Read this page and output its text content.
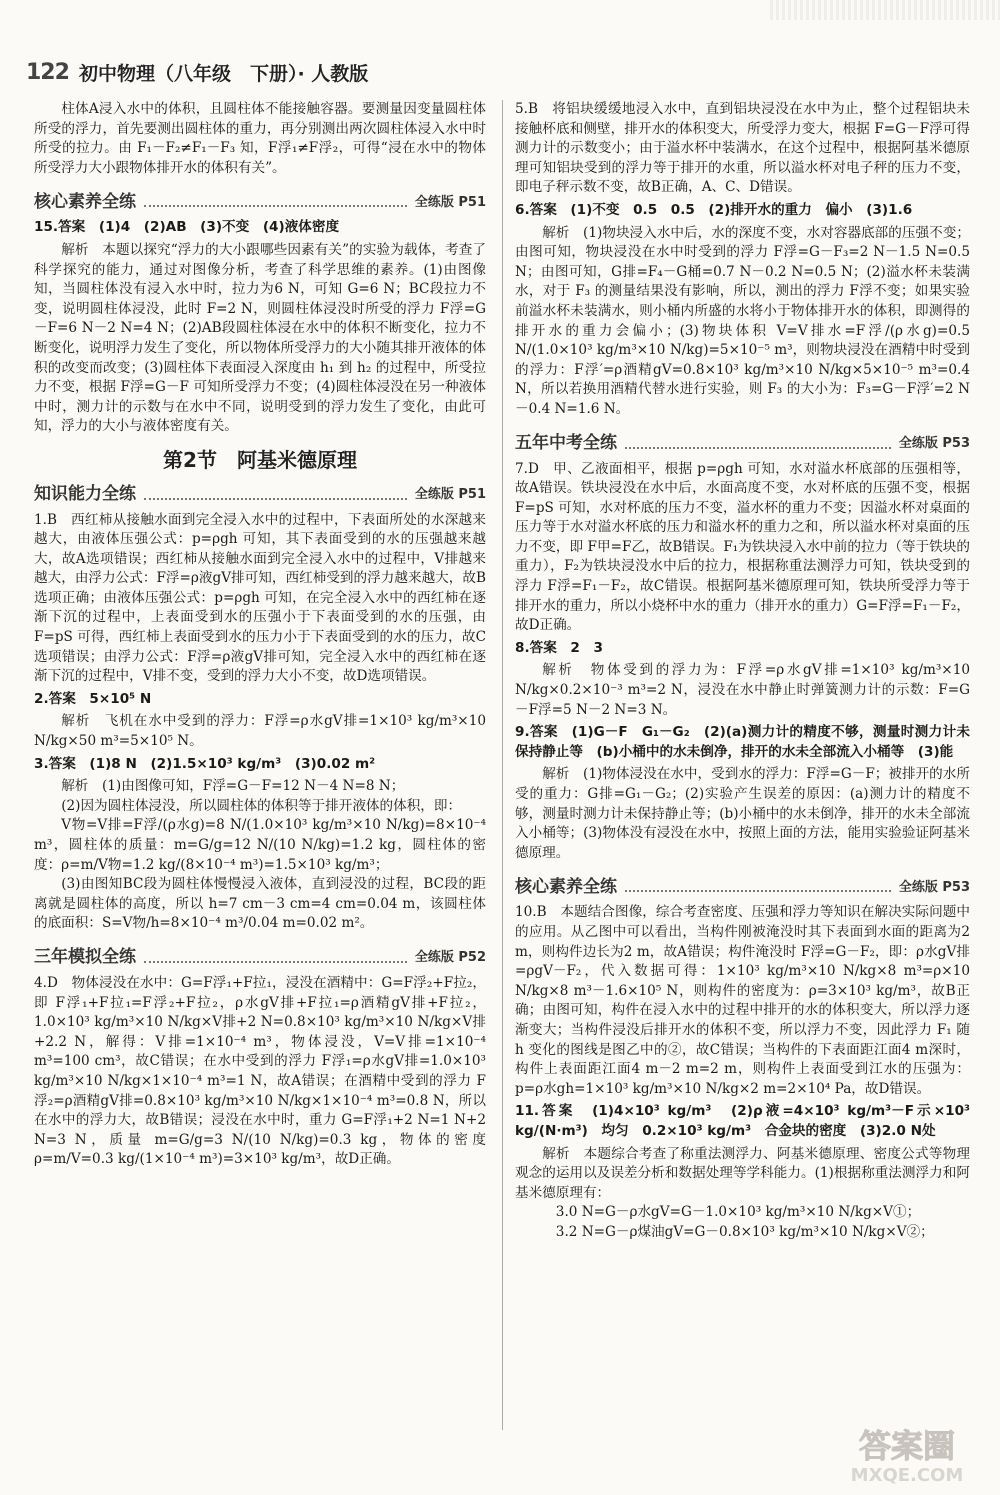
122 初中物理（八年级　下册）· 人教版

柱体A浸入水中的体积，且圆柱体不能接触容器。要测量因变量圆柱体所受的浮力，首先要测出圆柱体的重力，再分别测出两次圆柱体浸入水中时所受的拉力。由 F₁－F₂≠F₁－F₃ 知，F浮₁≠F浮₂，可得“浸在水中的物体所受浮力大小跟物体排开水的体积有关”。

核心素养全练	全练版 P51

15.答案　(1)4　(2)AB　(3)不变　(4)液体密度

解析　本题以探究“浮力的大小跟哪些因素有关”的实验为载体，考查了科学探究的能力，通过对图像分析，考查了科学思维的素养。(1)由图像知，当圆柱体没有浸入水中时，拉力为6 N，可知 G=6 N；BC段拉力不变，说明圆柱体浸没，此时 F=2 N，则圆柱体浸没时所受的浮力 F浮=G－F=6 N－2 N=4 N；(2)AB段圆柱体浸在水中的体积不断变化，拉力不断变化，说明浮力发生了变化，所以物体所受浮力的大小随其排开液体的体积的改变而改变；(3)圆柱体下表面浸入深度由 h₁ 到 h₂ 的过程中，所受拉力不变，根据 F浮=G－F 可知所受浮力不变；(4)圆柱体浸没在另一种液体中时，测力计的示数与在水中不同，说明受到的浮力发生了变化，由此可知，浮力的大小与液体密度有关。

第2节　阿基米德原理
知识能力全练	全练版 P51

1.B　西红柿从接触水面到完全浸入水中的过程中，下表面所处的水深越来越大，由液体压强公式：p=ρgh 可知，其下表面受到的水的压强越来越大，故A选项错误；西红柿从接触水面到完全浸入水中的过程中，V排越来越大，由浮力公式：F浮=ρ液gV排可知，西红柿受到的浮力越来越大，故B选项正确；由液体压强公式：p=ρgh 可知，在完全浸入水中的西红柿在逐渐下沉的过程中，上表面受到水的压强小于下表面受到的水的压强，由 F=pS 可得，西红柿上表面受到水的压力小于下表面受到的水的压力，故C选项错误；由浮力公式：F浮=ρ液gV排可知，完全浸入水中的西红柿在逐渐下沉的过程中，V排不变，受到的浮力大小不变，故D选项错误。

2.答案　5×10⁵ N

解析　飞机在水中受到的浮力：F浮=ρ水gV排=1×10³ kg/m³×10 N/kg×50 m³=5×10⁵ N。

3.答案　(1)8 N　(2)1.5×10³ kg/m³　(3)0.02 m²

解析　(1)由图像可知，F浮=G－F=12 N－4 N=8 N；

(2)因为圆柱体浸没，所以圆柱体的体积等于排开液体的体积，即：

V物=V排=F浮/(ρ水g)=8 N/(1.0×10³ kg/m³×10 N/kg)=8×10⁻⁴ m³，圆柱体的质量：m=G/g=12 N/(10 N/kg)=1.2 kg，圆柱体的密度：ρ=m/V物=1.2 kg/(8×10⁻⁴ m³)=1.5×10³ kg/m³；

(3)由图知BC段为圆柱体慢慢浸入液体，直到浸没的过程，BC段的距离就是圆柱体的高度，所以 h=7 cm－3 cm=4 cm=0.04 m，该圆柱体的底面积：S=V物/h=8×10⁻⁴ m³/0.04 m=0.02 m²。

三年模拟全练	全练版 P52

4.D　物体浸没在水中：G=F浮₁+F拉₁，浸没在酒精中：G=F浮₂+F拉₂，即 F浮₁+F拉₁=F浮₂+F拉₂，ρ水gV排+F拉₁=ρ酒精gV排+F拉₂，1.0×10³ kg/m³×10 N/kg×V排+2 N=0.8×10³ kg/m³×10 N/kg×V排+2.2 N，解得：V排=1×10⁻⁴ m³，物体浸没，V=V排=1×10⁻⁴ m³=100 cm³，故C错误；在水中受到的浮力 F浮₁=ρ水gV排=1.0×10³ kg/m³×10 N/kg×1×10⁻⁴ m³=1 N，故A错误；在酒精中受到的浮力 F浮₂=ρ酒精gV排=0.8×10³ kg/m³×10 N/kg×1×10⁻⁴ m³=0.8 N，所以在水中的浮力大，故B错误；浸没在水中时，重力 G=F浮₁+2 N=1 N+2 N=3 N，质量 m=G/g=3 N/(10 N/kg)=0.3 kg，物体的密度 ρ=m/V=0.3 kg/(1×10⁻⁴ m³)=3×10³ kg/m³，故D正确。

5.B　将铝块缓缓地浸入水中，直到铝块浸没在水中为止，整个过程铝块未接触杯底和侧壁，排开水的体积变大，所受浮力变大，根据 F=G－F浮可得测力计的示数变小；由于溢水杯中装满水，在这个过程中，根据阿基米德原理可知铝块受到的浮力等于排开的水重，所以溢水杯对电子秤的压力不变，即电子秤示数不变，故B正确，A、C、D错误。

6.答案　(1)不变　0.5　0.5　(2)排开水的重力　偏小　(3)1.6

解析　(1)物块浸入水中后，水的深度不变，水对容器底部的压强不变；由图可知，物块浸没在水中时受到的浮力 F浮=G－F₃=2 N－1.5 N=0.5 N；由图可知，G排=F₄－G桶=0.7 N－0.2 N=0.5 N；(2)溢水杯未装满水，对于 F₃ 的测量结果没有影响，所以，测出的浮力 F浮不变；如果实验前溢水杯未装满水，则小桶内所盛的水将小于物体排开水的体积，即测得的排开水的重力会偏小；(3)物块体积 V=V排水=F浮/(ρ水g)=0.5 N/(1.0×10³ kg/m³×10 N/kg)=5×10⁻⁵ m³，则物块浸没在酒精中时受到的浮力：F浮′=ρ酒精gV=0.8×10³ kg/m³×10 N/kg×5×10⁻⁵ m³=0.4 N，所以若换用酒精代替水进行实验，则 F₃ 的大小为：F₃=G－F浮′=2 N－0.4 N=1.6 N。

五年中考全练	全练版 P53

7.D　甲、乙液面相平，根据 p=ρgh 可知，水对溢水杯底部的压强相等，故A错误。铁块浸没在水中后，水面高度不变，水对杯底的压强不变，根据 F=pS 可知，水对杯底的压力不变，溢水杯的重力不变；因溢水杯对桌面的压力等于水对溢水杯底的压力和溢水杯的重力之和，所以溢水杯对桌面的压力不变，即 F甲=F乙，故B错误。F₁为铁块浸入水中前的拉力（等于铁块的重力），F₂为铁块浸没水中后的拉力，根据称重法测浮力可知，铁块受到的浮力 F浮=F₁－F₂，故C错误。根据阿基米德原理可知，铁块所受浮力等于排开水的重力，所以小烧杯中水的重力（排开水的重力）G=F浮=F₁－F₂，故D正确。

8.答案　2　3

解析　物体受到的浮力为：F浮=ρ水gV排=1×10³ kg/m³×10 N/kg×0.2×10⁻³ m³=2 N，浸没在水中静止时弹簧测力计的示数：F=G－F浮=5 N－2 N=3 N。

9.答案　(1)G－F　G₁－G₂　(2)(a)测力计的精度不够，测量时测力计未保持静止等　(b)小桶中的水未倒净，排开的水未全部流入小桶等　(3)能

解析　(1)物体浸没在水中，受到水的浮力：F浮=G－F；被排开的水所受的重力：G排=G₁－G₂；(2)实验产生误差的原因：(a)测力计的精度不够，测量时测力计未保持静止等；(b)小桶中的水未倒净，排开的水未全部流入小桶等；(3)物体没有浸没在水中，按照上面的方法，能用实验验证阿基米德原理。

核心素养全练	全练版 P53

10.B　本题结合图像，综合考查密度、压强和浮力等知识在解决实际问题中的应用。从乙图中可以看出，当构件刚被淹没时其下表面到水面的距离为2 m，则构件边长为2 m，故A错误；构件淹没时 F浮=G－F₂，即：ρ水gV排=ρgV－F₂，代入数据可得：1×10³ kg/m³×10 N/kg×8 m³=ρ×10 N/kg×8 m³－1.6×10⁵ N，则构件的密度为：ρ=3×10³ kg/m³，故B正确；由图可知，构件在浸入水中的过程中排开的水的体积变大，所以浮力逐渐变大；当构件浸没后排开水的体积不变，所以浮力不变，因此浮力 F₁ 随 h 变化的图线是图乙中的②，故C错误；当构件的下表面距江面4 m深时，构件上表面距江面4 m－2 m=2 m，则构件上表面受到江水的压强为：p=ρ水gh=1×10³ kg/m³×10 N/kg×2 m=2×10⁴ Pa，故D错误。

11.答案　(1)4×10³ kg/m³　(2)ρ液=4×10³ kg/m³－F示×10³ kg/(N·m³)　均匀　0.2×10³ kg/m³　合金块的密度　(3)2.0 N处

解析　本题综合考查了称重法测浮力、阿基米德原理、密度公式等物理观念的运用以及误差分析和数据处理等学科能力。(1)根据称重法测浮力和阿基米德原理有：

3.0 N=G－ρ水gV=G－1.0×10³ kg/m³×10 N/kg×V①；

3.2 N=G－ρ煤油gV=G－0.8×10³ kg/m³×10 N/kg×V②；

答案圈
MXQE.COM
